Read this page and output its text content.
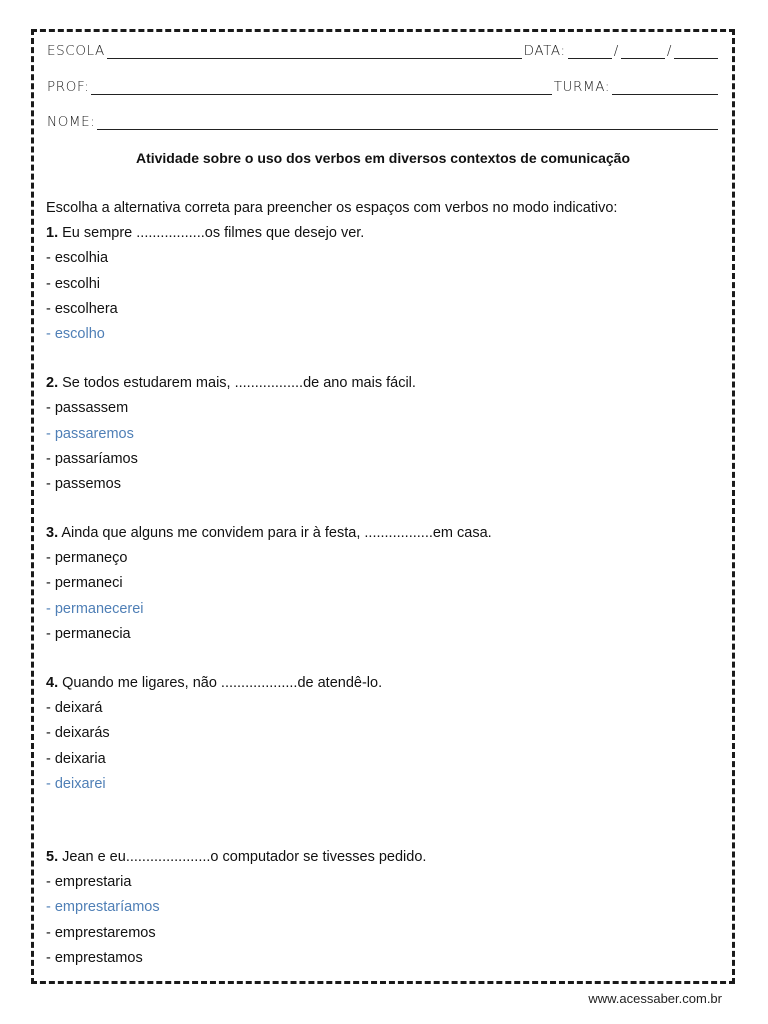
ESCOLA	DATA:	/	/
PROF:	TURMA:
NOME:
Atividade sobre o uso dos verbos em diversos contextos de comunicação
Escolha a alternativa correta para preencher os espaços com verbos no modo indicativo:
1. Eu sempre .................os filmes que desejo ver.
- escolhia
- escolhi
- escolhera
- escolho
2. Se todos estudarem mais, .................de ano mais fácil.
- passassem
- passaremos
- passaríamos
- passemos
3. Ainda que alguns me convidem para ir à festa, .................em casa.
- permaneço
- permaneci
- permanecerei
- permanecia
4. Quando me ligares, não ...................de atendê-lo.
- deixará
- deixarás
- deixaria
- deixarei
5. Jean e eu.....................o computador se tivesses pedido.
- emprestaria
- emprestaríamos
- emprestaremos
- emprestamos
www.acessaber.com.br
